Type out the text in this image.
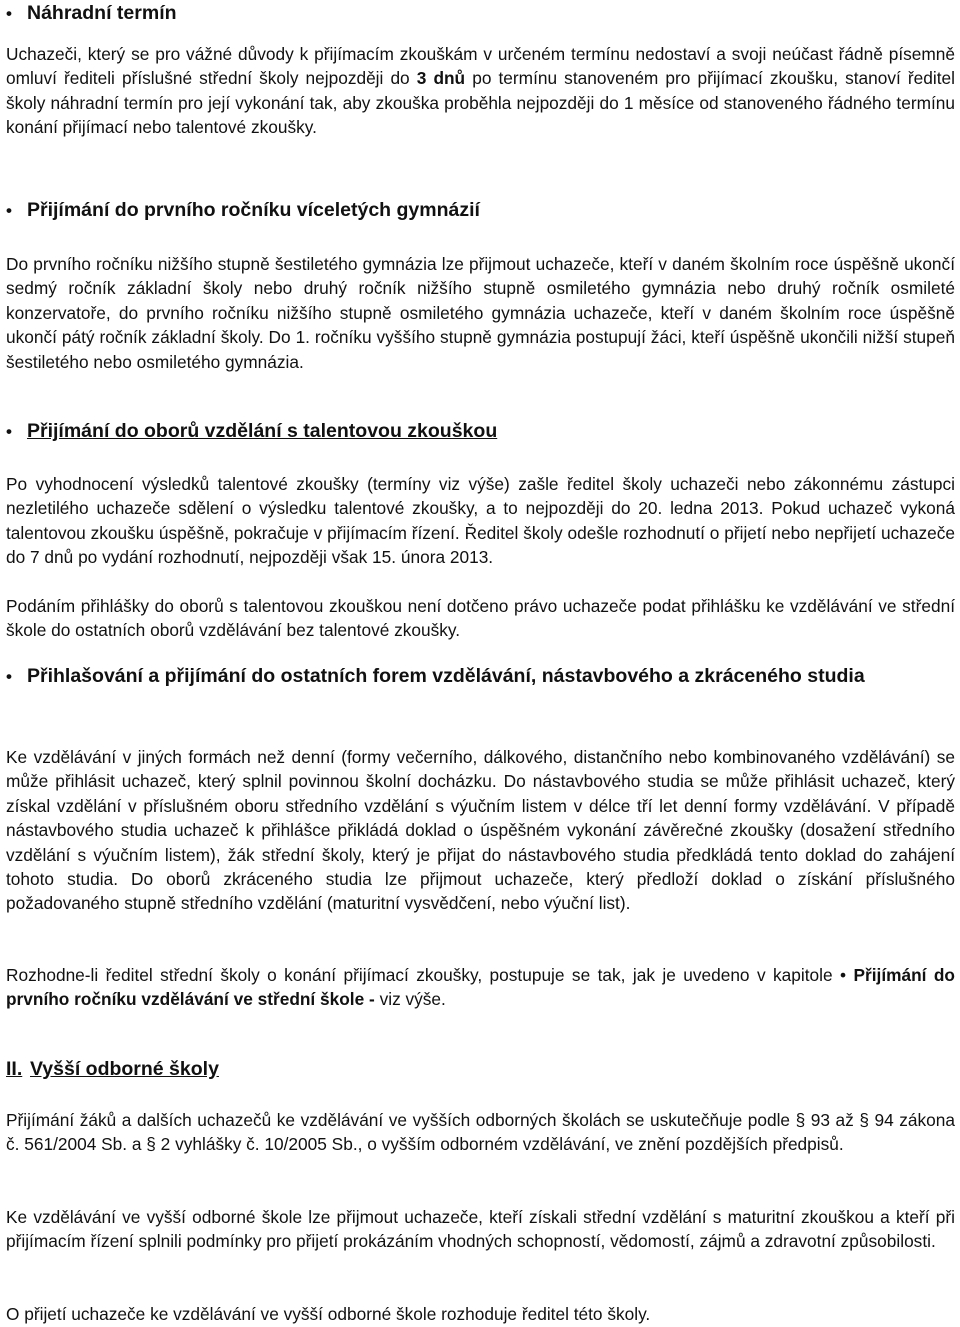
• Náhradní termín

Uchazeči, který se pro vážné důvody k přijímacím zkouškám v určeném termínu nedostaví a svoji neúčast řádně písemně omluví řediteli příslušné střední školy nejpozději do 3 dnů po termínu stanoveném pro přijímací zkoušku, stanoví ředitel školy náhradní termín pro její vykonání tak, aby zkouška proběhla nejpozději do 1 měsíce od stanoveného řádného termínu konání přijímací nebo talentové zkoušky.

• Přijímání do prvního ročníku víceletých gymnázií

Do prvního ročníku nižšího stupně šestiletého gymnázia lze přijmout uchazeče, kteří v daném školním roce úspěšně ukončí sedmý ročník základní školy nebo druhý ročník nižšího stupně osmiletého gymnázia nebo druhý ročník osmileté konzervatoře, do prvního ročníku nižšího stupně osmiletého gymnázia uchazeče, kteří v daném školním roce úspěšně ukončí pátý ročník základní školy. Do 1. ročníku vyššího stupně gymnázia postupují žáci, kteří úspěšně ukončili nižší stupeň šestiletého nebo osmiletého gymnázia.

• Přijímání do oborů vzdělání s talentovou zkouškou

Po vyhodnocení výsledků talentové zkoušky (termíny viz výše) zašle ředitel školy uchazeči nebo zákonnému zástupci nezletilého uchazeče sdělení o výsledku talentové zkoušky, a to nejpozději do 20. ledna 2013. Pokud uchazeč vykoná talentovou zkoušku úspěšně, pokračuje v přijímacím řízení. Ředitel školy odešle rozhodnutí o přijetí nebo nepřijetí uchazeče do 7 dnů po vydání rozhodnutí, nejpozději však 15. února 2013.

Podáním přihlášky do oborů s talentovou zkouškou není dotčeno právo uchazeče podat přihlášku ke vzdělávání ve střední škole do ostatních oborů vzdělávání bez talentové zkoušky.

• Přihlašování a přijímání do ostatních forem vzdělávání, nástavbového a zkráceného studia

Ke vzdělávání v jiných formách než denní (formy večerního, dálkového, distančního nebo kombinovaného vzdělávání) se může přihlásit uchazeč, který splnil povinnou školní docházku. Do nástavbového studia se může přihlásit uchazeč, který získal vzdělání v příslušném oboru středního vzdělání s výučním listem v délce tří let denní formy vzdělávání. V případě nástavbového studia uchazeč k přihlášce přikládá doklad o úspěšném vykonání závěrečné zkoušky (dosažení středního vzdělání s výučním listem), žák střední školy, který je přijat do nástavbového studia předkládá tento doklad do zahájení tohoto studia. Do oborů zkráceného studia lze přijmout uchazeče, který předloží doklad o získání příslušného požadovaného stupně středního vzdělání (maturitní vysvědčení, nebo výuční list).

Rozhodne-li ředitel střední školy o konání přijímací zkoušky, postupuje se tak, jak je uvedeno v kapitole • Přijímání do prvního ročníku vzdělávání ve střední škole - viz výše.

II. Vyšší odborné školy

Přijímání žáků a dalších uchazečů ke vzdělávání ve vyšších odborných školách se uskutečňuje podle § 93 až § 94 zákona č. 561/2004 Sb. a § 2 vyhlášky č. 10/2005 Sb., o vyšším odborném vzdělávání, ve znění pozdějších předpisů.

Ke vzdělávání ve vyšší odborné škole lze přijmout uchazeče, kteří získali střední vzdělání s maturitní zkouškou a kteří při přijímacím řízení splnili podmínky pro přijetí prokázáním vhodných schopností, vědomostí, zájmů a zdravotní způsobilosti.

O přijetí uchazeče ke vzdělávání ve vyšší odborné škole rozhoduje ředitel této školy.
